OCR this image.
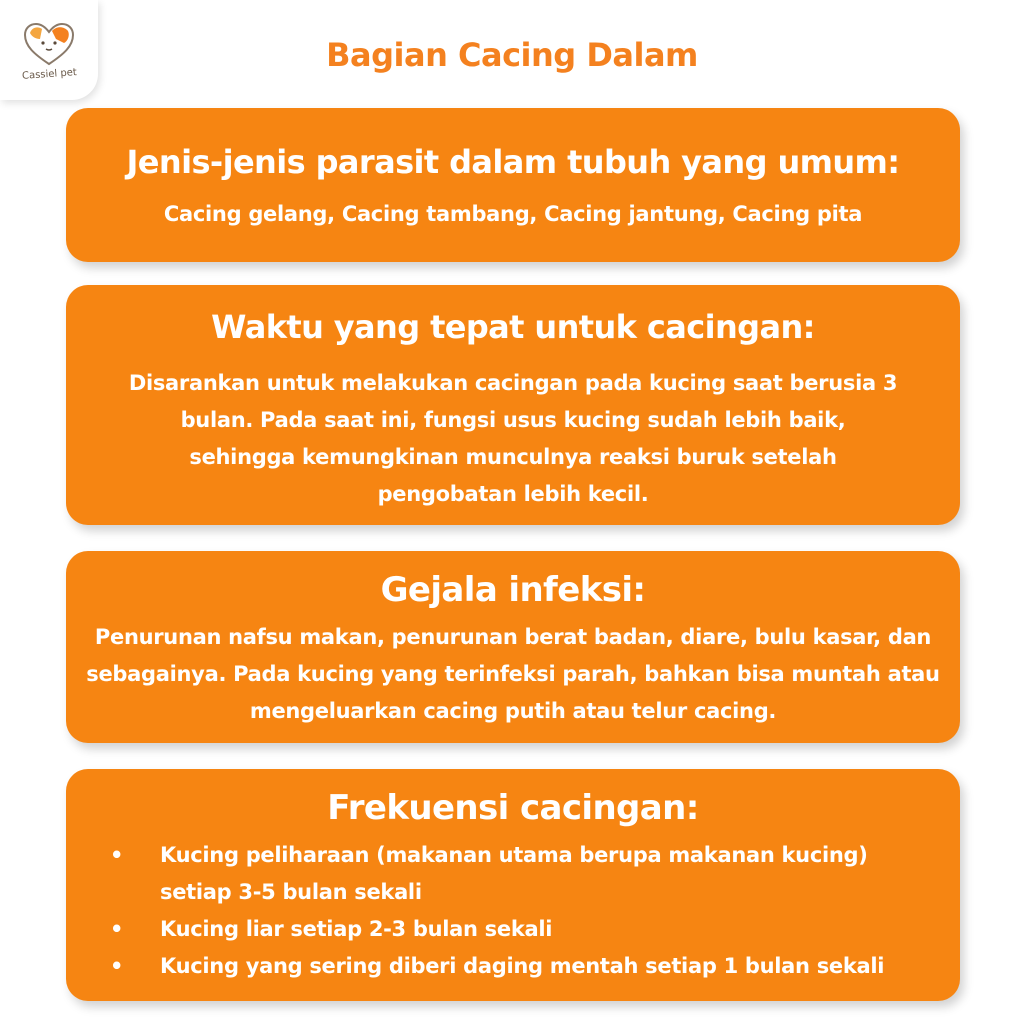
Cassiel pet	Bagian Cacing Dalam
Jenis-jenis parasit dalam tubuh yang umum:
Cacing gelang, Cacing tambang, Cacing jantung, Cacing pita
Waktu yang tepat untuk cacingan:
Disarankan untuk melakukan cacingan pada kucing saat berusia 3 bulan. Pada saat ini, fungsi usus kucing sudah lebih baik, sehingga kemungkinan munculnya reaksi buruk setelah pengobatan lebih kecil.
Gejala infeksi:
Penurunan nafsu makan, penurunan berat badan, diare, bulu kasar, dan sebagainya. Pada kucing yang terinfeksi parah, bahkan bisa muntah atau mengeluarkan cacing putih atau telur cacing.
Frekuensi cacingan:
•	Kucing peliharaan (makanan utama berupa makanan kucing) setiap 3-5 bulan sekali
•	Kucing liar setiap 2-3 bulan sekali
•	Kucing yang sering diberi daging mentah setiap 1 bulan sekali
